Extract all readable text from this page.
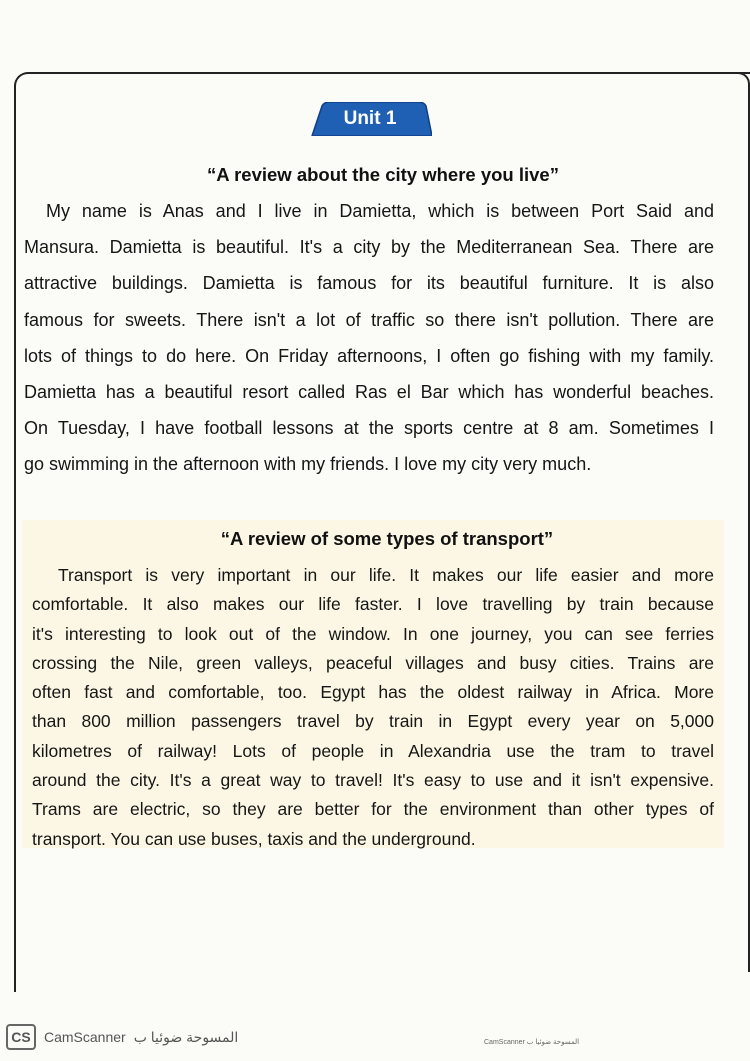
Unit 1
“A review about the city where you live”
My name is Anas and I live in Damietta, which is between Port Said and
Mansura. Damietta is beautiful. It's a city by the Mediterranean Sea. There are
attractive buildings. Damietta is famous for its beautiful furniture. It is also
famous for sweets. There isn't a lot of traffic so there isn't pollution. There are
lots of things to do here. On Friday afternoons, I often go fishing with my family.
Damietta has a beautiful resort called Ras el Bar which has wonderful beaches.
On Tuesday, I have football lessons at the sports centre at 8 am. Sometimes I
go swimming in the afternoon with my friends. I love my city very much.
“A review of some types of transport”
Transport is very important in our life. It makes our life easier and more
comfortable. It also makes our life faster. I love travelling by train because
it's interesting to look out of the window. In one journey, you can see ferries
crossing the Nile, green valleys, peaceful villages and busy cities. Trains are
often fast and comfortable, too. Egypt has the oldest railway in Africa. More
than 800 million passengers travel by train in Egypt every year on 5,000
kilometres of railway! Lots of people in Alexandria use the tram to travel
around the city. It's a great way to travel! It's easy to use and it isn't expensive.
Trams are electric, so they are better for the environment than other types of
transport. You can use buses, taxis and the underground.
CS CamScanner المسوحة ضوئيا ب	CamScanner المسوحة ضوئيا ب
